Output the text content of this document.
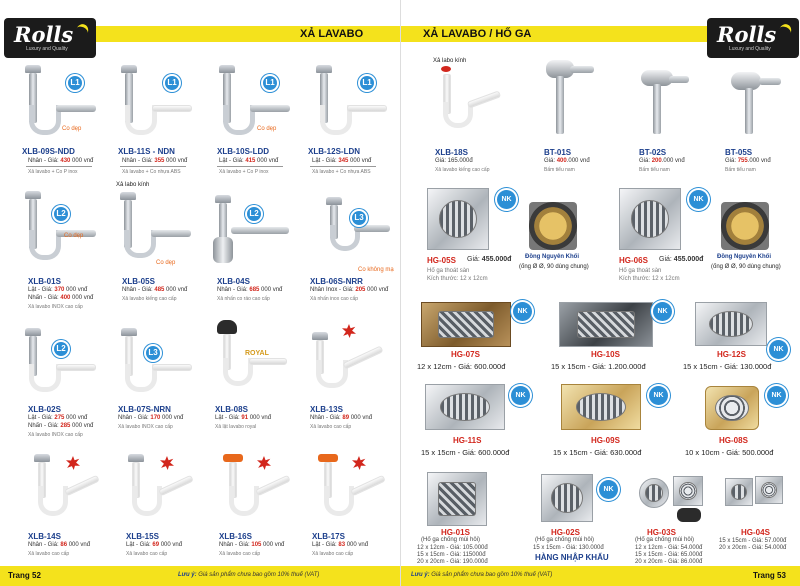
Rolls
Luxury and Quality
XẢ LAVABO
L1
Co dẹp
XLB-09S-NDD
Nhân - Giá: 430 000 vnđ
Xả lavabo + Co P inox
L1
XLB-11S - NDN
Nhân - Giá: 355 000 vnđ
Xả lavabo + Co nhựa ABS
L1
Co dẹp
XLB-10S-LDD
Lật - Giá: 415 000 vnđ
Xả lavabo + Co P inox
L1
XLB-12S-LDN
Lật - Giá: 345 000 vnđ
Xả lavabo + Co nhựa ABS
L2
Co dẹp
XLB-01S
Lật - Giá: 370 000 vnđ
Nhấn - Giá: 400 000 vnđ
Xả lavabo INOX cao cấp
Xả labo kính
Co dẹp
XLB-05S
Nhân - Giá: 485 000 vnđ
Xả lavabo kiếng cao cấp
L2
XLB-04S
Nhân - Giá: 685 000 vnđ
Xả nhấn co ráo cao cấp
L3
Co không mạ
XLB-06S-NRR
Nhân Inox - Giá: 205 000 vnđ
Xả nhấn inox cao cấp
L2
XLB-02S
Lật - Giá: 275 000 vnđ
Nhấn - Giá: 285 000 vnđ
Xả lavabo INOX cao cấp
L3
XLB-07S-NRN
Nhân - Giá: 170 000 vnđ
Xả lavabo INOX cao cấp
ROYAL
XLB-08S
Lật - Giá: 91 000 vnđ
Xả lật lavabo royal
XLB-13S
Nhân - Giá: 89 000 vnđ
Xả lavabo cao cấp
XLB-14S
Nhân - Giá: 86 000 vnđ
Xả lavabo cao cấp
XLB-15S
Lật - Giá: 69 000 vnđ
Xả lavabo cao cấp
XLB-16S
Nhân - Giá: 105 000 vnđ
Xả lavabo cao cấp
XLB-17S
Lật - Giá: 83 000 vnđ
Xả lavabo cao cấp
Trang 52	Lưu ý: Giá sản phẩm chưa bao gồm 10% thuế (VAT)
XẢ LAVABO / HỐ GA	Rolls
Luxury and Quality
Xả labo kính
XLB-18S
Giá: 165.000đ
Xả lavabo kiếng cao cấp
BT-01S
Giá: 400.000 vnđ
Bấm tiểu nam
BT-02S
Giá: 200.000 vnđ
Bấm tiểu nam
BT-05S
Giá: 755.000 vnđ
Bấm tiểu nam
NK
Đồng Nguyên Khối
(ống Ø Ø, 90 dùng chung)
HG-05S Giá: 455.000đ
Hố ga thoát sàn
Kích thước: 12 x 12cm
NK
Đồng Nguyên Khối
(ống Ø Ø, 90 dùng chung)
HG-06S Giá: 455.000đ
Hố ga thoát sàn
Kích thước: 12 x 12cm
NK
HG-07S
12 x 12cm - Giá: 600.000đ
NK
HG-10S
15 x 15cm - Giá: 1.200.000đ
NK
HG-12S
15 x 15cm - Giá: 130.000đ
NK
HG-11S
15 x 15cm - Giá: 600.000đ
NK
HG-09S
15 x 15cm - Giá: 630.000đ
NK
HG-08S
10 x 10cm - Giá: 500.000đ
HG-01S
(Hố ga chống mùi hôi)
12 x 12cm - Giá: 105.000đ
15 x 15cm - Giá: 115000đ
20 x 20cm - Giá: 190.000đ
NK
HG-02S
(Hố ga chống mùi hôi)
15 x 15cm - Giá: 130.000đ
HÀNG NHẬP KHẨU
HG-03S
(Hố ga chống mùi hôi)
12 x 12cm - Giá: 54.000đ
15 x 15cm - Giá: 65.000đ
20 x 20cm - Giá: 86.000đ
HG-04S
15 x 15cm - Giá: 57.000đ
20 x 20cm - Giá: 54.000đ
Lưu ý: Giá sản phẩm chưa bao gồm 10% thuế (VAT)	Trang 53
